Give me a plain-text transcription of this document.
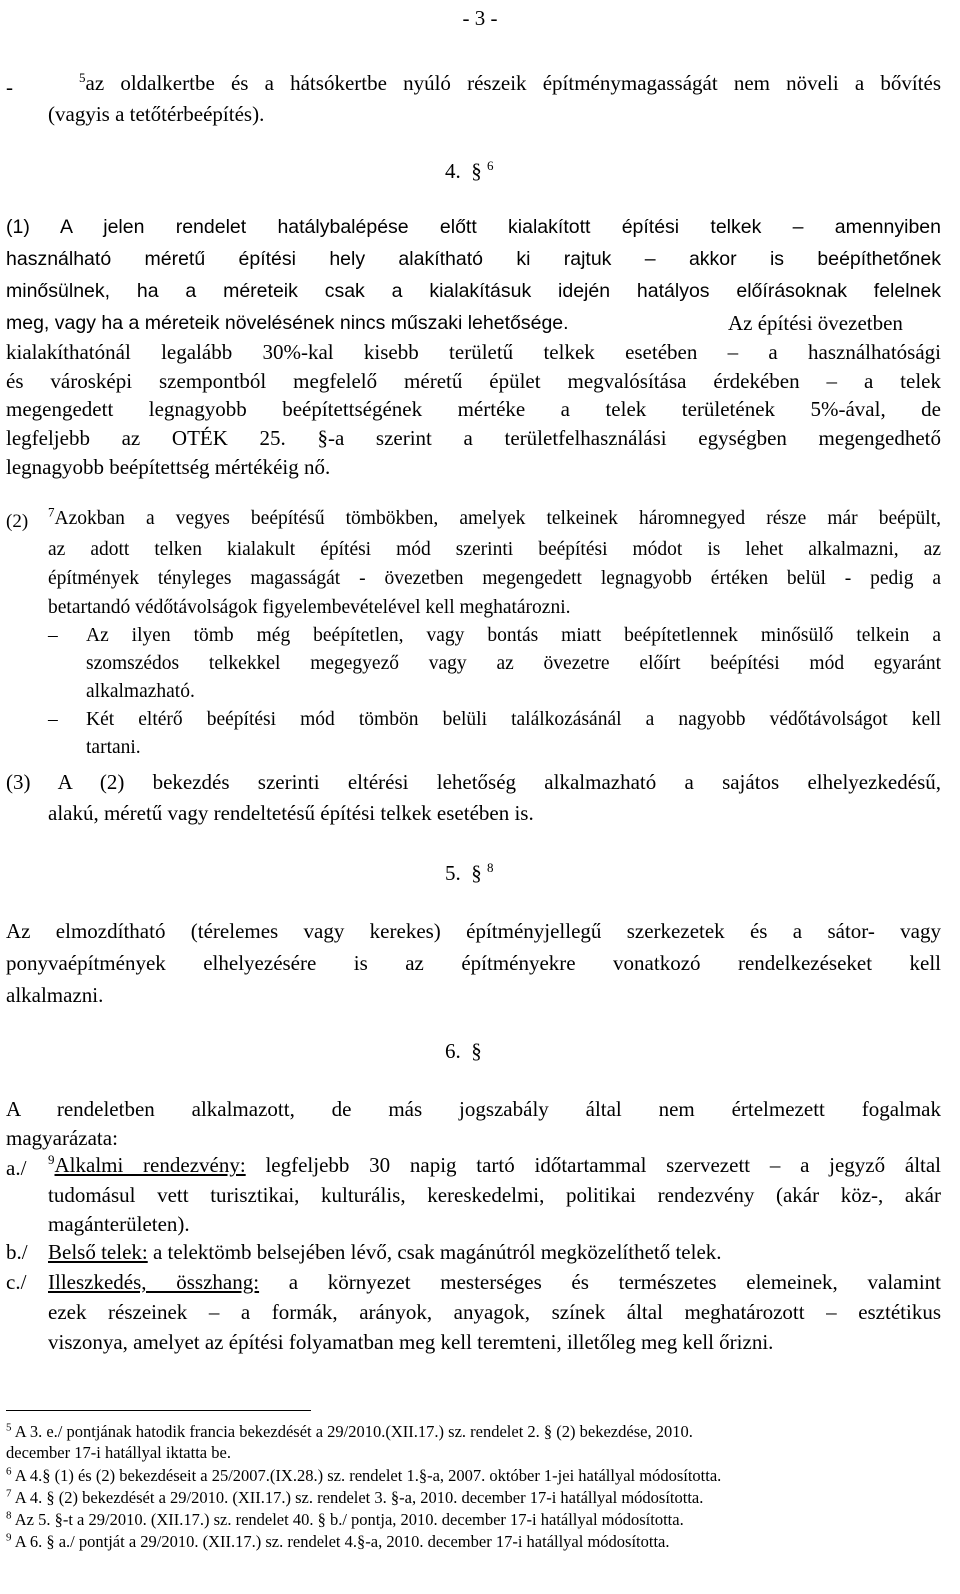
- 3 -
-	$^5$az oldalkertbe és a hátsókertbe nyúló részeik építménymagasságát nem növeli a bővítés
(vagyis a tetőtérbeépítés).
4. § $^6$
(1) A jelen rendelet hatálybalépése előtt kialakított építési telkek – amennyiben
használható méretű építési hely alakítható ki rajtuk – akkor is beépíthetőnek
minősülnek, ha a méreteik csak a kialakításuk idején hatályos előírásoknak felelnek
meg, vagy ha a méreteik növelésének nincs műszaki lehetősége.	Az építési övezetben
kialakíthatónál legalább 30%-kal kisebb területű telkek esetében – a használhatósági
és városképi szempontból megfelelő méretű épület megvalósítása érdekében – a telek
megengedett legnagyobb beépítettségének mértéke a telek területének 5%-ával, de
legfeljebb az OTÉK 25. §-a szerint a területfelhasználási egységben megengedhető
legnagyobb beépítettség mértékéig nő.
(2) $^7$Azokban a vegyes beépítésű tömbökben, amelyek telkeinek háromnegyed része már beépült,
az adott telken kialakult építési mód szerinti beépítési módot is lehet alkalmazni, az
építmények tényleges magasságát - övezetben megengedett legnagyobb értéken belül - pedig a
betartandó védőtávolságok figyelembevételével kell meghatározni.
– Az ilyen tömb még beépítetlen, vagy bontás miatt beépítetlennek minősülő telkein a
szomszédos telkekkel megegyező vagy az övezetre előírt beépítési mód egyaránt
alkalmazható.
– Két eltérő beépítési mód tömbön belüli találkozásánál a nagyobb védőtávolságot kell
tartani.
(3) A (2) bekezdés szerinti eltérési lehetőség alkalmazható a sajátos elhelyezkedésű,
alakú, méretű vagy rendeltetésű építési telkek esetében is.
5. § $^8$
Az elmozdítható (térelemes vagy kerekes) építményjellegű szerkezetek és a sátor- vagy
ponyvaépítmények elhelyezésére is az építményekre vonatkozó rendelkezéseket kell
alkalmazni.
6. §
A rendeletben alkalmazott, de más jogszabály által nem értelmezett fogalmak
magyarázata:
a./ $^9$Alkalmi rendezvény: legfeljebb 30 napig tartó időtartammal szervezett – a jegyző által
tudomásul vett turisztikai, kulturális, kereskedelmi, politikai rendezvény (akár köz-, akár
magánterületen).
b./ Belső telek: a telektömb belsejében lévő, csak magánútról megközelíthető telek.
c./ Illeszkedés, összhang: a környezet mesterséges és természetes elemeinek, valamint
ezek részeinek – a formák, arányok, anyagok, színek által meghatározott – esztétikus
viszonya, amelyet az építési folyamatban meg kell teremteni, illetőleg meg kell őrizni.
$^5$ A 3. e./ pontjának hatodik francia bekezdését a 29/2010.(XII.17.) sz. rendelet 2. § (2) bekezdése, 2010.
december 17-i hatállyal iktatta be.
$^6$ A 4.§ (1) és (2) bekezdéseit a 25/2007.(IX.28.) sz. rendelet 1.§-a, 2007. október 1-jei hatállyal módosította.
$^7$ A 4. § (2) bekezdését a 29/2010. (XII.17.) sz. rendelet 3. §-a, 2010. december 17-i hatállyal módosította.
$^8$ Az 5. §-t a 29/2010. (XII.17.) sz. rendelet 40. § b./ pontja, 2010. december 17-i hatállyal módosította.
$^9$ A 6. § a./ pontját a 29/2010. (XII.17.) sz. rendelet 4.§-a, 2010. december 17-i hatállyal módosította.
